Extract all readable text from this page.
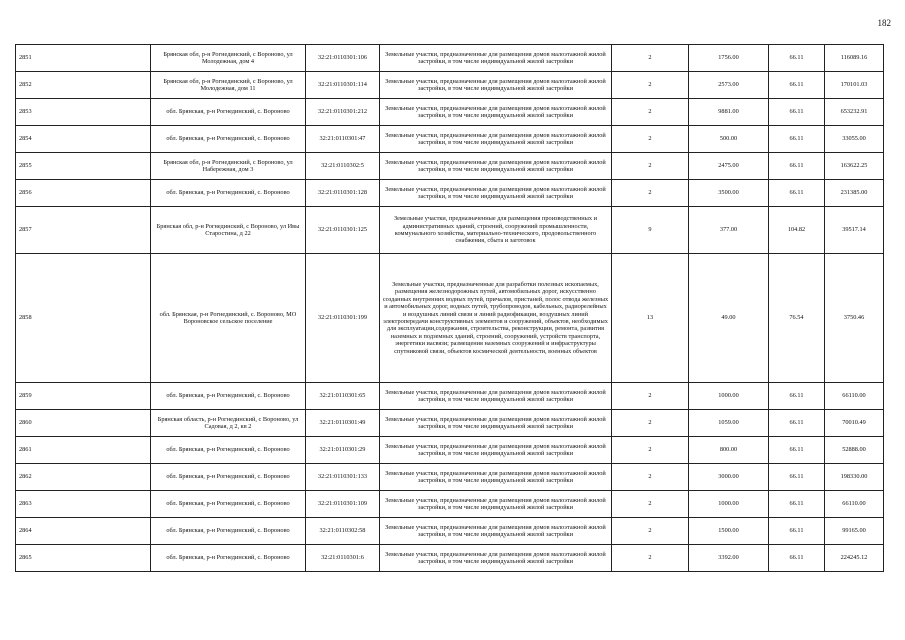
182
2851	Брянская обл, р-н Рогнединский, с Вороново, ул Молодежная, дом 4	32:21:0110301:106	Земельные участки, предназначенные для размещения домов малоэтажной жилой застройки, в том числе индивидуальной жилой застройки	2	1756.00	66.11	116089.16
2852	Брянская обл, р-н Рогнединский, с Вороново, ул Молодежная, дом 11	32:21:0110301:114	Земельные участки, предназначенные для размещения домов малоэтажной жилой застройки, в том числе индивидуальной жилой застройки	2	2573.00	66.11	170101.03
2853	обл. Брянская, р-н Рогнединский, с. Вороново	32:21:0110301:212	Земельные участки, предназначенные для размещения домов малоэтажной жилой застройки, в том числе индивидуальной жилой застройки	2	9881.00	66.11	653232.91
2854	обл. Брянская, р-н Рогнединский, с. Вороново	32:21:0110301:47	Земельные участки, предназначенные для размещения домов малоэтажной жилой застройки, в том числе индивидуальной жилой застройки	2	500.00	66.11	33055.00
2855	Брянская обл, р-н Рогнединский, с Вороново, ул Набережная, дом 3	32:21:0110302:5	Земельные участки, предназначенные для размещения домов малоэтажной жилой застройки, в том числе индивидуальной жилой застройки	2	2475.00	66.11	163622.25
2856	обл. Брянская, р-н Рогнединский, с. Вороново	32:21:0110301:128	Земельные участки, предназначенные для размещения домов малоэтажной жилой застройки, в том числе индивидуальной жилой застройки	2	3500.00	66.11	231385.00
2857	Брянская обл, р-н Рогнединский, с Вороново, ул Ивы Старостина, д 22	32:21:0110301:125	Земельные участки, предназначенные для размещения производственных и административных зданий, строений, сооружений промышленности, коммунального хозяйства, материально-технического, продовольственного снабжения, сбыта и заготовок	9	377.00	104.82	39517.14
2858	обл. Брянская, р-н Рогнединский, с. Вороново, МО Вороновское сельское поселение	32:21:0110301:199	Земельные участки, предназначенные для разработки полезных ископаемых, размещения железнодорожных путей, автомобильных дорог, искусственно созданных внутренних водных путей, причалов, пристаней, полос отвода железных и автомобильных дорог, водных путей, трубопроводов, кабельных, радиорелейных и воздушных линий связи и линий радиофикации, воздушных линий электропередачи конструктивных элементов и сооружений, объектов, необходимых для эксплуатации,содержания, строительства, реконструкции, ремонта, развития наземных и подземных зданий, строений, сооружений, устройств транспорта, энергетики иасвязи; размещения наземных сооружений и инфраструктуры спутниковой связи, объектов космической деятельности, военных объектов	13	49.00	76.54	3750.46
2859	обл. Брянская, р-н Рогнединский, с. Вороново	32:21:0110301:65	Земельные участки, предназначенные для размещения домов малоэтажной жилой застройки, в том числе индивидуальной жилой застройки	2	1000.00	66.11	66110.00
2860	Брянская область, р-н Рогнединский, с Вороново, ул Садовая, д 2, кв 2	32:21:0110301:49	Земельные участки, предназначенные для размещения домов малоэтажной жилой застройки, в том числе индивидуальной жилой застройки	2	1059.00	66.11	70010.49
2861	обл. Брянская, р-н Рогнединский, с. Вороново	32:21:0110301:29	Земельные участки, предназначенные для размещения домов малоэтажной жилой застройки, в том числе индивидуальной жилой застройки	2	800.00	66.11	52888.00
2862	обл. Брянская, р-н Рогнединский, с. Вороново	32:21:0110301:133	Земельные участки, предназначенные для размещения домов малоэтажной жилой застройки, в том числе индивидуальной жилой застройки	2	3000.00	66.11	198330.00
2863	обл. Брянская, р-н Рогнединский, с. Вороново	32:21:0110301:109	Земельные участки, предназначенные для размещения домов малоэтажной жилой застройки, в том числе индивидуальной жилой застройки	2	1000.00	66.11	66110.00
2864	обл. Брянская, р-н Рогнединский, с. Вороново	32:21:0110302:58	Земельные участки, предназначенные для размещения домов малоэтажной жилой застройки, в том числе индивидуальной жилой застройки	2	1500.00	66.11	99165.00
2865	обл. Брянская, р-н Рогнединский, с. Вороново	32:21:0110301:6	Земельные участки, предназначенные для размещения домов малоэтажной жилой застройки, в том числе индивидуальной жилой застройки	2	3392.00	66.11	224245.12
